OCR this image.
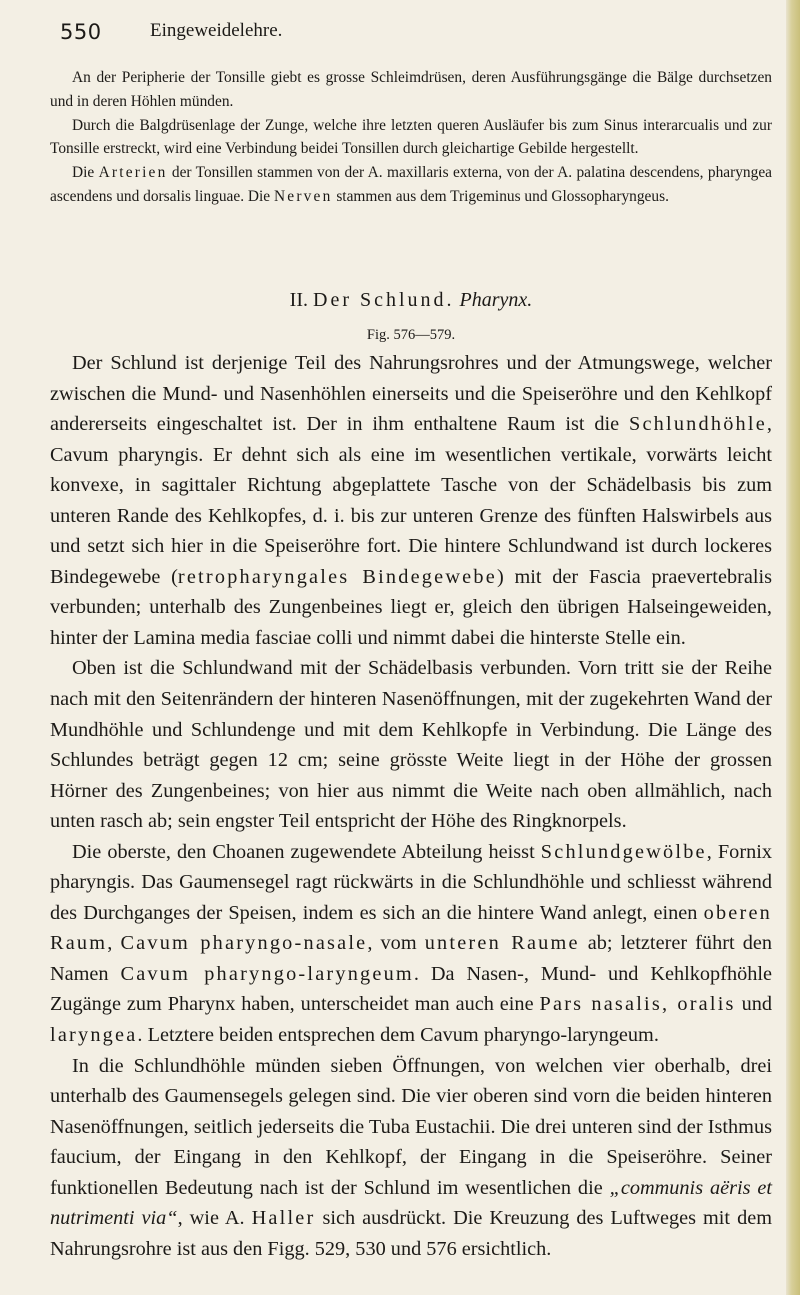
550	Eingeweidelehre.

An der Peripherie der Tonsille giebt es grosse Schleimdrüsen, deren Ausführungsgänge die Bälge durchsetzen und in deren Höhlen münden.

Durch die Balgdrüsenlage der Zunge, welche ihre letzten queren Ausläufer bis zum Sinus interarcualis und zur Tonsille erstreckt, wird eine Verbindung beidei Tonsillen durch gleichartige Gebilde hergestellt.

Die Arterien der Tonsillen stammen von der A. maxillaris externa, von der A. palatina descendens, pharyngea ascendens und dorsalis linguae. Die Nerven stammen aus dem Trigeminus und Glossopharyngeus.

II. Der Schlund. Pharynx.
Fig. 576—579.

Der Schlund ist derjenige Teil des Nahrungsrohres und der Atmungswege, welcher zwischen die Mund- und Nasenhöhlen einerseits und die Speiseröhre und den Kehlkopf andererseits eingeschaltet ist. Der in ihm enthaltene Raum ist die Schlundhöhle, Cavum pharyngis. Er dehnt sich als eine im wesentlichen vertikale, vorwärts leicht konvexe, in sagittaler Richtung abgeplattete Tasche von der Schädelbasis bis zum unteren Rande des Kehlkopfes, d. i. bis zur unteren Grenze des fünften Halswirbels aus und setzt sich hier in die Speiseröhre fort. Die hintere Schlundwand ist durch lockeres Bindegewebe (retropharyngales Bindegewebe) mit der Fascia praevertebralis verbunden; unterhalb des Zungenbeines liegt er, gleich den übrigen Halseingeweiden, hinter der Lamina media fasciae colli und nimmt dabei die hinterste Stelle ein.

Oben ist die Schlundwand mit der Schädelbasis verbunden. Vorn tritt sie der Reihe nach mit den Seitenrändern der hinteren Nasenöffnungen, mit der zugekehrten Wand der Mundhöhle und Schlundenge und mit dem Kehlkopfe in Verbindung. Die Länge des Schlundes beträgt gegen 12 cm; seine grösste Weite liegt in der Höhe der grossen Hörner des Zungenbeines; von hier aus nimmt die Weite nach oben allmählich, nach unten rasch ab; sein engster Teil entspricht der Höhe des Ringknorpels.

Die oberste, den Choanen zugewendete Abteilung heisst Schlundgewölbe, Fornix pharyngis. Das Gaumensegel ragt rückwärts in die Schlundhöhle und schliesst während des Durchganges der Speisen, indem es sich an die hintere Wand anlegt, einen oberen Raum, Cavum pharyngo-nasale, vom unteren Raume ab; letzterer führt den Namen Cavum pharyngo-laryngeum. Da Nasen-, Mund- und Kehlkopfhöhle Zugänge zum Pharynx haben, unterscheidet man auch eine Pars nasalis, oralis und laryngea. Letztere beiden entsprechen dem Cavum pharyngo-laryngeum.

In die Schlundhöhle münden sieben Öffnungen, von welchen vier oberhalb, drei unterhalb des Gaumensegels gelegen sind. Die vier oberen sind vorn die beiden hinteren Nasenöffnungen, seitlich jederseits die Tuba Eustachii. Die drei unteren sind der Isthmus faucium, der Eingang in den Kehlkopf, der Eingang in die Speiseröhre. Seiner funktionellen Bedeutung nach ist der Schlund im wesentlichen die „communis aëris et nutrimenti via“, wie A. Haller sich ausdrückt. Die Kreuzung des Luftweges mit dem Nahrungsrohre ist aus den Figg. 529, 530 und 576 ersichtlich.
